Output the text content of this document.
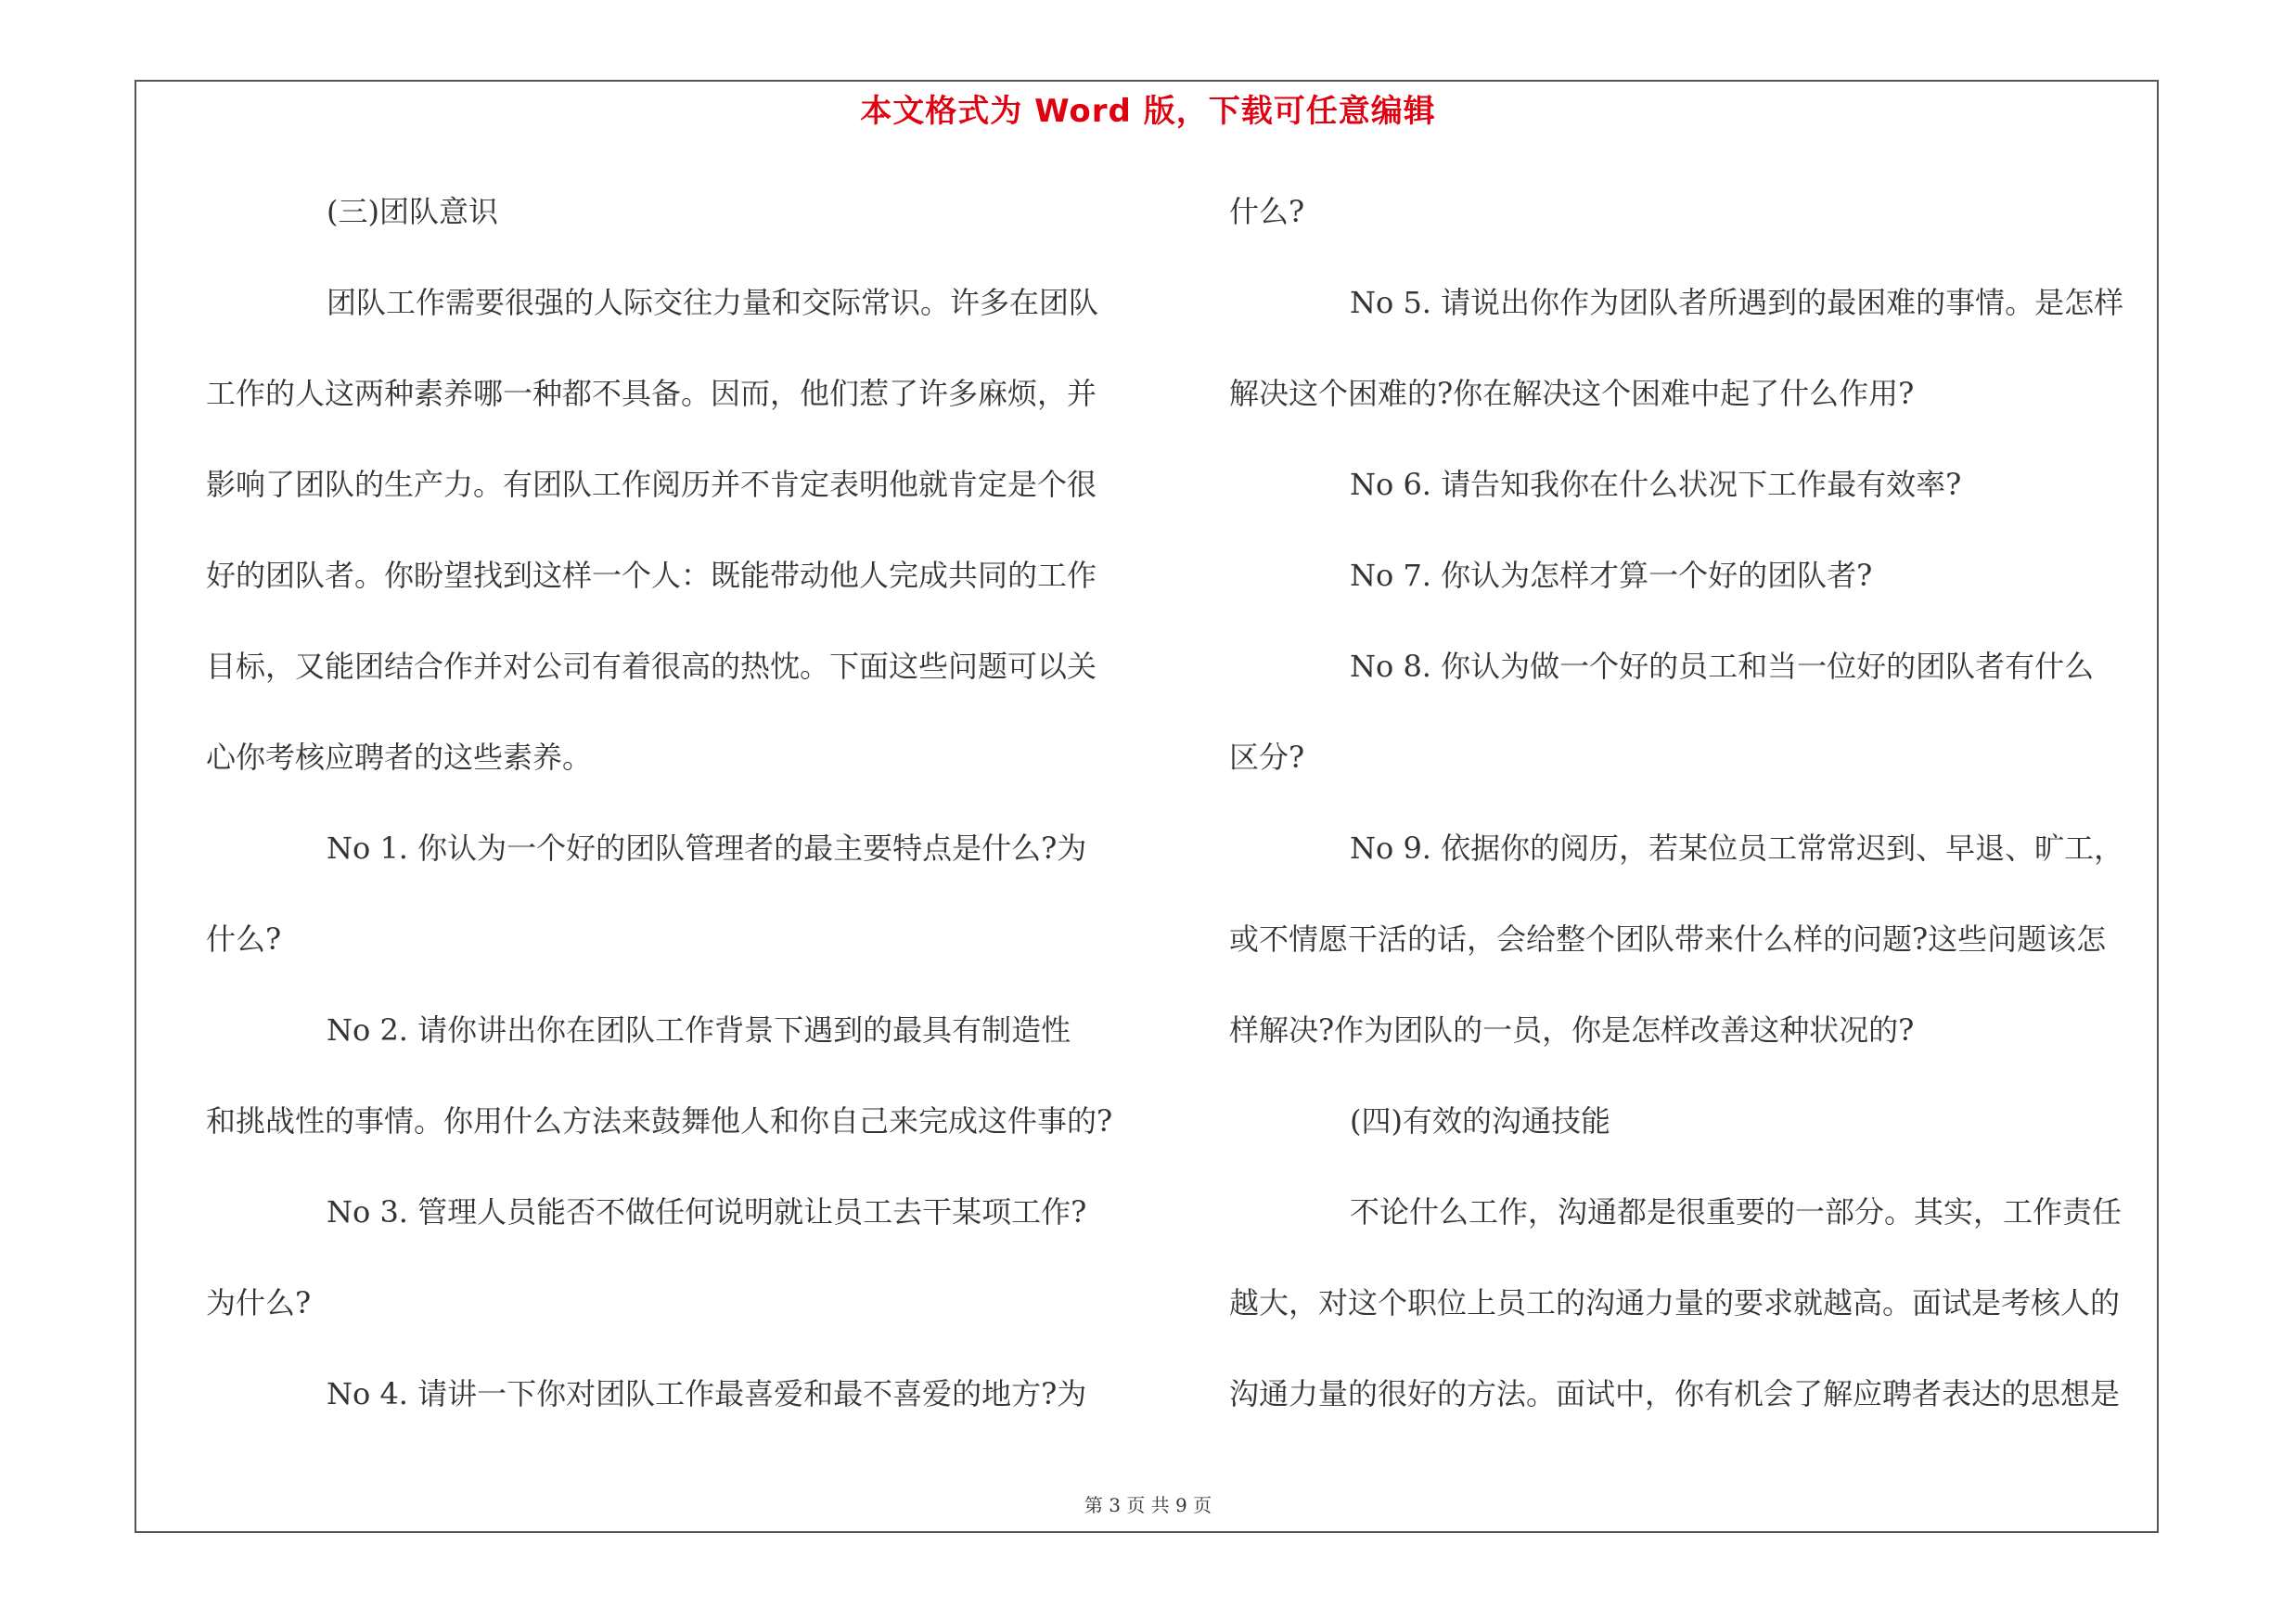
本文格式为 Word 版，下载可任意编辑
(三)团队意识
团队工作需要很强的人际交往力量和交际常识。许多在团队
工作的人这两种素养哪一种都不具备。因而，他们惹了许多麻烦，并
影响了团队的生产力。有团队工作阅历并不肯定表明他就肯定是个很
好的团队者。你盼望找到这样一个人：既能带动他人完成共同的工作
目标，又能团结合作并对公司有着很高的热忱。下面这些问题可以关
心你考核应聘者的这些素养。
No 1. 你认为一个好的团队管理者的最主要特点是什么?为
什么?
No 2. 请你讲出你在团队工作背景下遇到的最具有制造性
和挑战性的事情。你用什么方法来鼓舞他人和你自己来完成这件事的?
No 3. 管理人员能否不做任何说明就让员工去干某项工作?
为什么?
No 4. 请讲一下你对团队工作最喜爱和最不喜爱的地方?为
什么?
No 5. 请说出你作为团队者所遇到的最困难的事情。是怎样
解决这个困难的?你在解决这个困难中起了什么作用?
No 6. 请告知我你在什么状况下工作最有效率?
No 7. 你认为怎样才算一个好的团队者?
No 8. 你认为做一个好的员工和当一位好的团队者有什么
区分?
No 9. 依据你的阅历，若某位员工常常迟到、早退、旷工，
或不情愿干活的话，会给整个团队带来什么样的问题?这些问题该怎
样解决?作为团队的一员，你是怎样改善这种状况的?
(四)有效的沟通技能
不论什么工作，沟通都是很重要的一部分。其实，工作责任
越大，对这个职位上员工的沟通力量的要求就越高。面试是考核人的
沟通力量的很好的方法。面试中，你有机会了解应聘者表达的思想是
第 3 页 共 9 页
